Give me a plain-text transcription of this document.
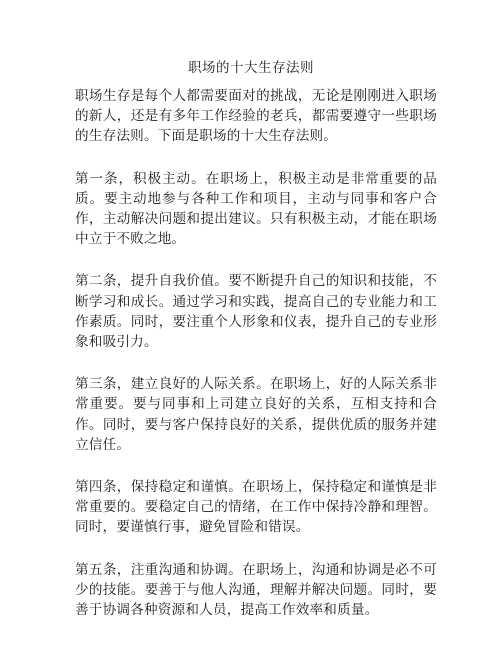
职场的十大生存法则

职场生存是每个人都需要面对的挑战，无论是刚刚进入职场的新人，还是有多年工作经验的老兵，都需要遵守一些职场的生存法则。下面是职场的十大生存法则。

第一条，积极主动。在职场上，积极主动是非常重要的品质。要主动地参与各种工作和项目，主动与同事和客户合作，主动解决问题和提出建议。只有积极主动，才能在职场中立于不败之地。

第二条，提升自我价值。要不断提升自己的知识和技能，不断学习和成长。通过学习和实践，提高自己的专业能力和工作素质。同时，要注重个人形象和仪表，提升自己的专业形象和吸引力。

第三条，建立良好的人际关系。在职场上，好的人际关系非常重要。要与同事和上司建立良好的关系，互相支持和合作。同时，要与客户保持良好的关系，提供优质的服务并建立信任。

第四条，保持稳定和谨慎。在职场上，保持稳定和谨慎是非常重要的。要稳定自己的情绪，在工作中保持冷静和理智。同时，要谨慎行事，避免冒险和错误。

第五条，注重沟通和协调。在职场上，沟通和协调是必不可少的技能。要善于与他人沟通，理解并解决问题。同时，要善于协调各种资源和人员，提高工作效率和质量。
